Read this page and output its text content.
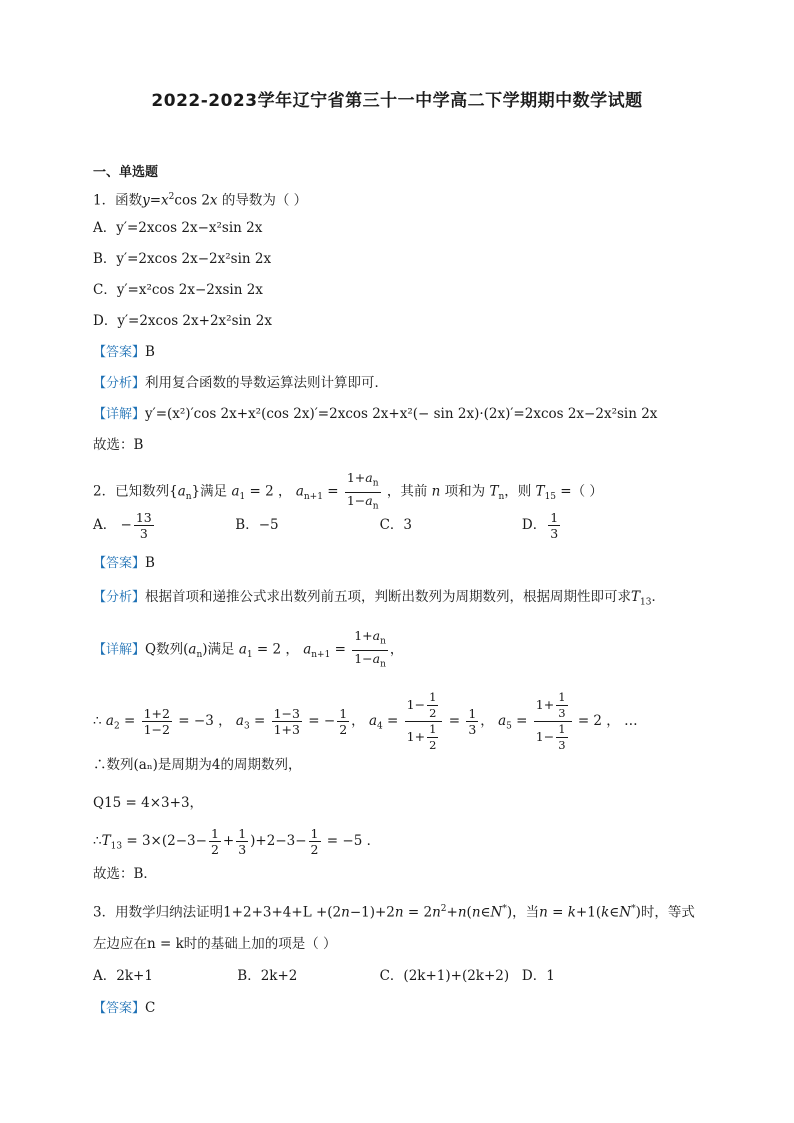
2022-2023学年辽宁省第三十一中学高二下学期期中数学试题
一、单选题
1．函数$y=x^2\cos$ 2x 的导数为（ ）
A．y′=2xcos 2x−x²sin 2x
B．y′=2xcos 2x−2x²sin 2x
C．y′=x²cos 2x−2xsin 2x
D．y′=2xcos 2x+2x²sin 2x
【答案】B
【分析】利用复合函数的导数运算法则计算即可．
【详解】y′=(x²)′cos 2x+x²(cos 2x)′=2xcos 2x+x²(− sin 2x)·(2x)′=2xcos 2x−2x²sin 2x
故选：B
2．已知数列$\{a_n\}$满足 $a_1 = 2$ ， $a_{n+1} = \frac{1+a_n}{1-a_n}$ ，其前 n 项和为 $T_n$，则 $T_{15}$ =（ ）
A． − $\frac{13}{3}$	B．−5	C．3	D． $\frac{1}{3}$
【答案】B
【分析】根据首项和递推公式求出数列前五项，判断出数列为周期数列，根据周期性即可求$T_{13}$．
【详解】Q数列$(a_n)$满足 $a_1 = 2$ ， $a_{n+1} = \frac{1+a_n}{1-a_n}$ ，
∴ $a_2 = \frac{1+2}{1-2} = -3$ ， $a_3 = \frac{1-3}{1+3}$ = − $\frac{1}{2}$ ， $a_4 = \frac{1- \frac{1}{2}}{1+ \frac{1}{2}} = \frac{1}{3}$ ， $a_5 = \frac{1+ \frac{1}{3}}{1- \frac{1}{3}} = 2$ ， …
∴数列(aₙ)是周期为4的周期数列，
Q15 = 4×3+3，
$\therefore T_{13} = 3\times(2-3- \frac{1}{2} + \frac{1}{3} )+2-3- \frac{1}{2} = -5$ ．
故选：B．
3．用数学归纳法证明$1+2+3+4+L +(2n-1)+2n = 2n^2+n(n\in N^*)$，当n = k+1(k∈N*)时，等式
左边应在n = k时的基础上加的项是（ ）
A．2k+1	B．2k+2	C．(2k+1)+(2k+2) D．1
【答案】C
